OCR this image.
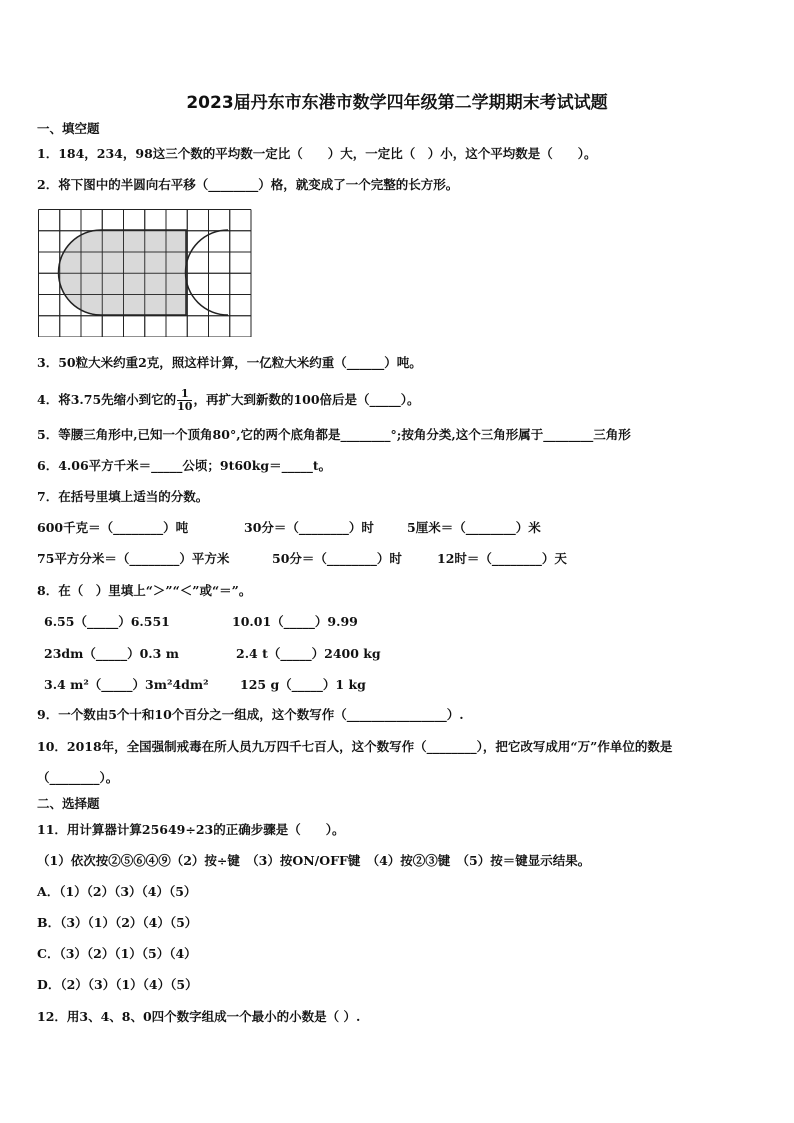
2023届丹东市东港市数学四年级第二学期期末考试试题
一、填空题
1．184，234，98这三个数的平均数一定比（　　）大，一定比（　）小，这个平均数是（　　）。
2．将下图中的半圆向右平移（________）格，就变成了一个完整的长方形。
3．50粒大米约重2克，照这样计算，一亿粒大米约重（______）吨。
4．将3.75先缩小到它的 $\frac{1}{10}$ ，再扩大到新数的100倍后是（_____）。
5．等腰三角形中,已知一个顶角80°,它的两个底角都是________°;按角分类,这个三角形属于________三角形
6．4.06平方千米＝_____公顷；9t60kg＝_____t。
7．在括号里填上适当的分数。
600千克＝（________）吨	30分＝（________）时	5厘米＝（________）米
75平方分米＝（________）平方米	50分＝（________）时	12时＝（________）天
8．在（　）里填上“＞”“＜”或“＝”。
6.55（_____）6.551	10.01（_____）9.99
23dm（_____）0.3 m	2.4 t（_____）2400 kg
3.4 m²（_____）3m²4dm²	125 g（_____）1 kg
9．一个数由5个十和10个百分之一组成，这个数写作（________________）.
10．2018年，全国强制戒毒在所人员九万四千七百人，这个数写作（________），把它改写成用“万”作单位的数是
（________）。
二、选择题
11．用计算器计算25649÷23的正确步骤是（　　）。
（1）依次按②⑤⑥④⑨（2）按÷键　（3）按ON/OFF键　（4）按②③键　（5）按＝键显示结果。
A．（1）（2）（3）（4）（5）
B．（3）（1）（2）（4）（5）
C．（3）（2）（1）（5）（4）
D．（2）（3）（1）（4）（5）
12．用3、4、8、0四个数字组成一个最小的小数是（ ）.
